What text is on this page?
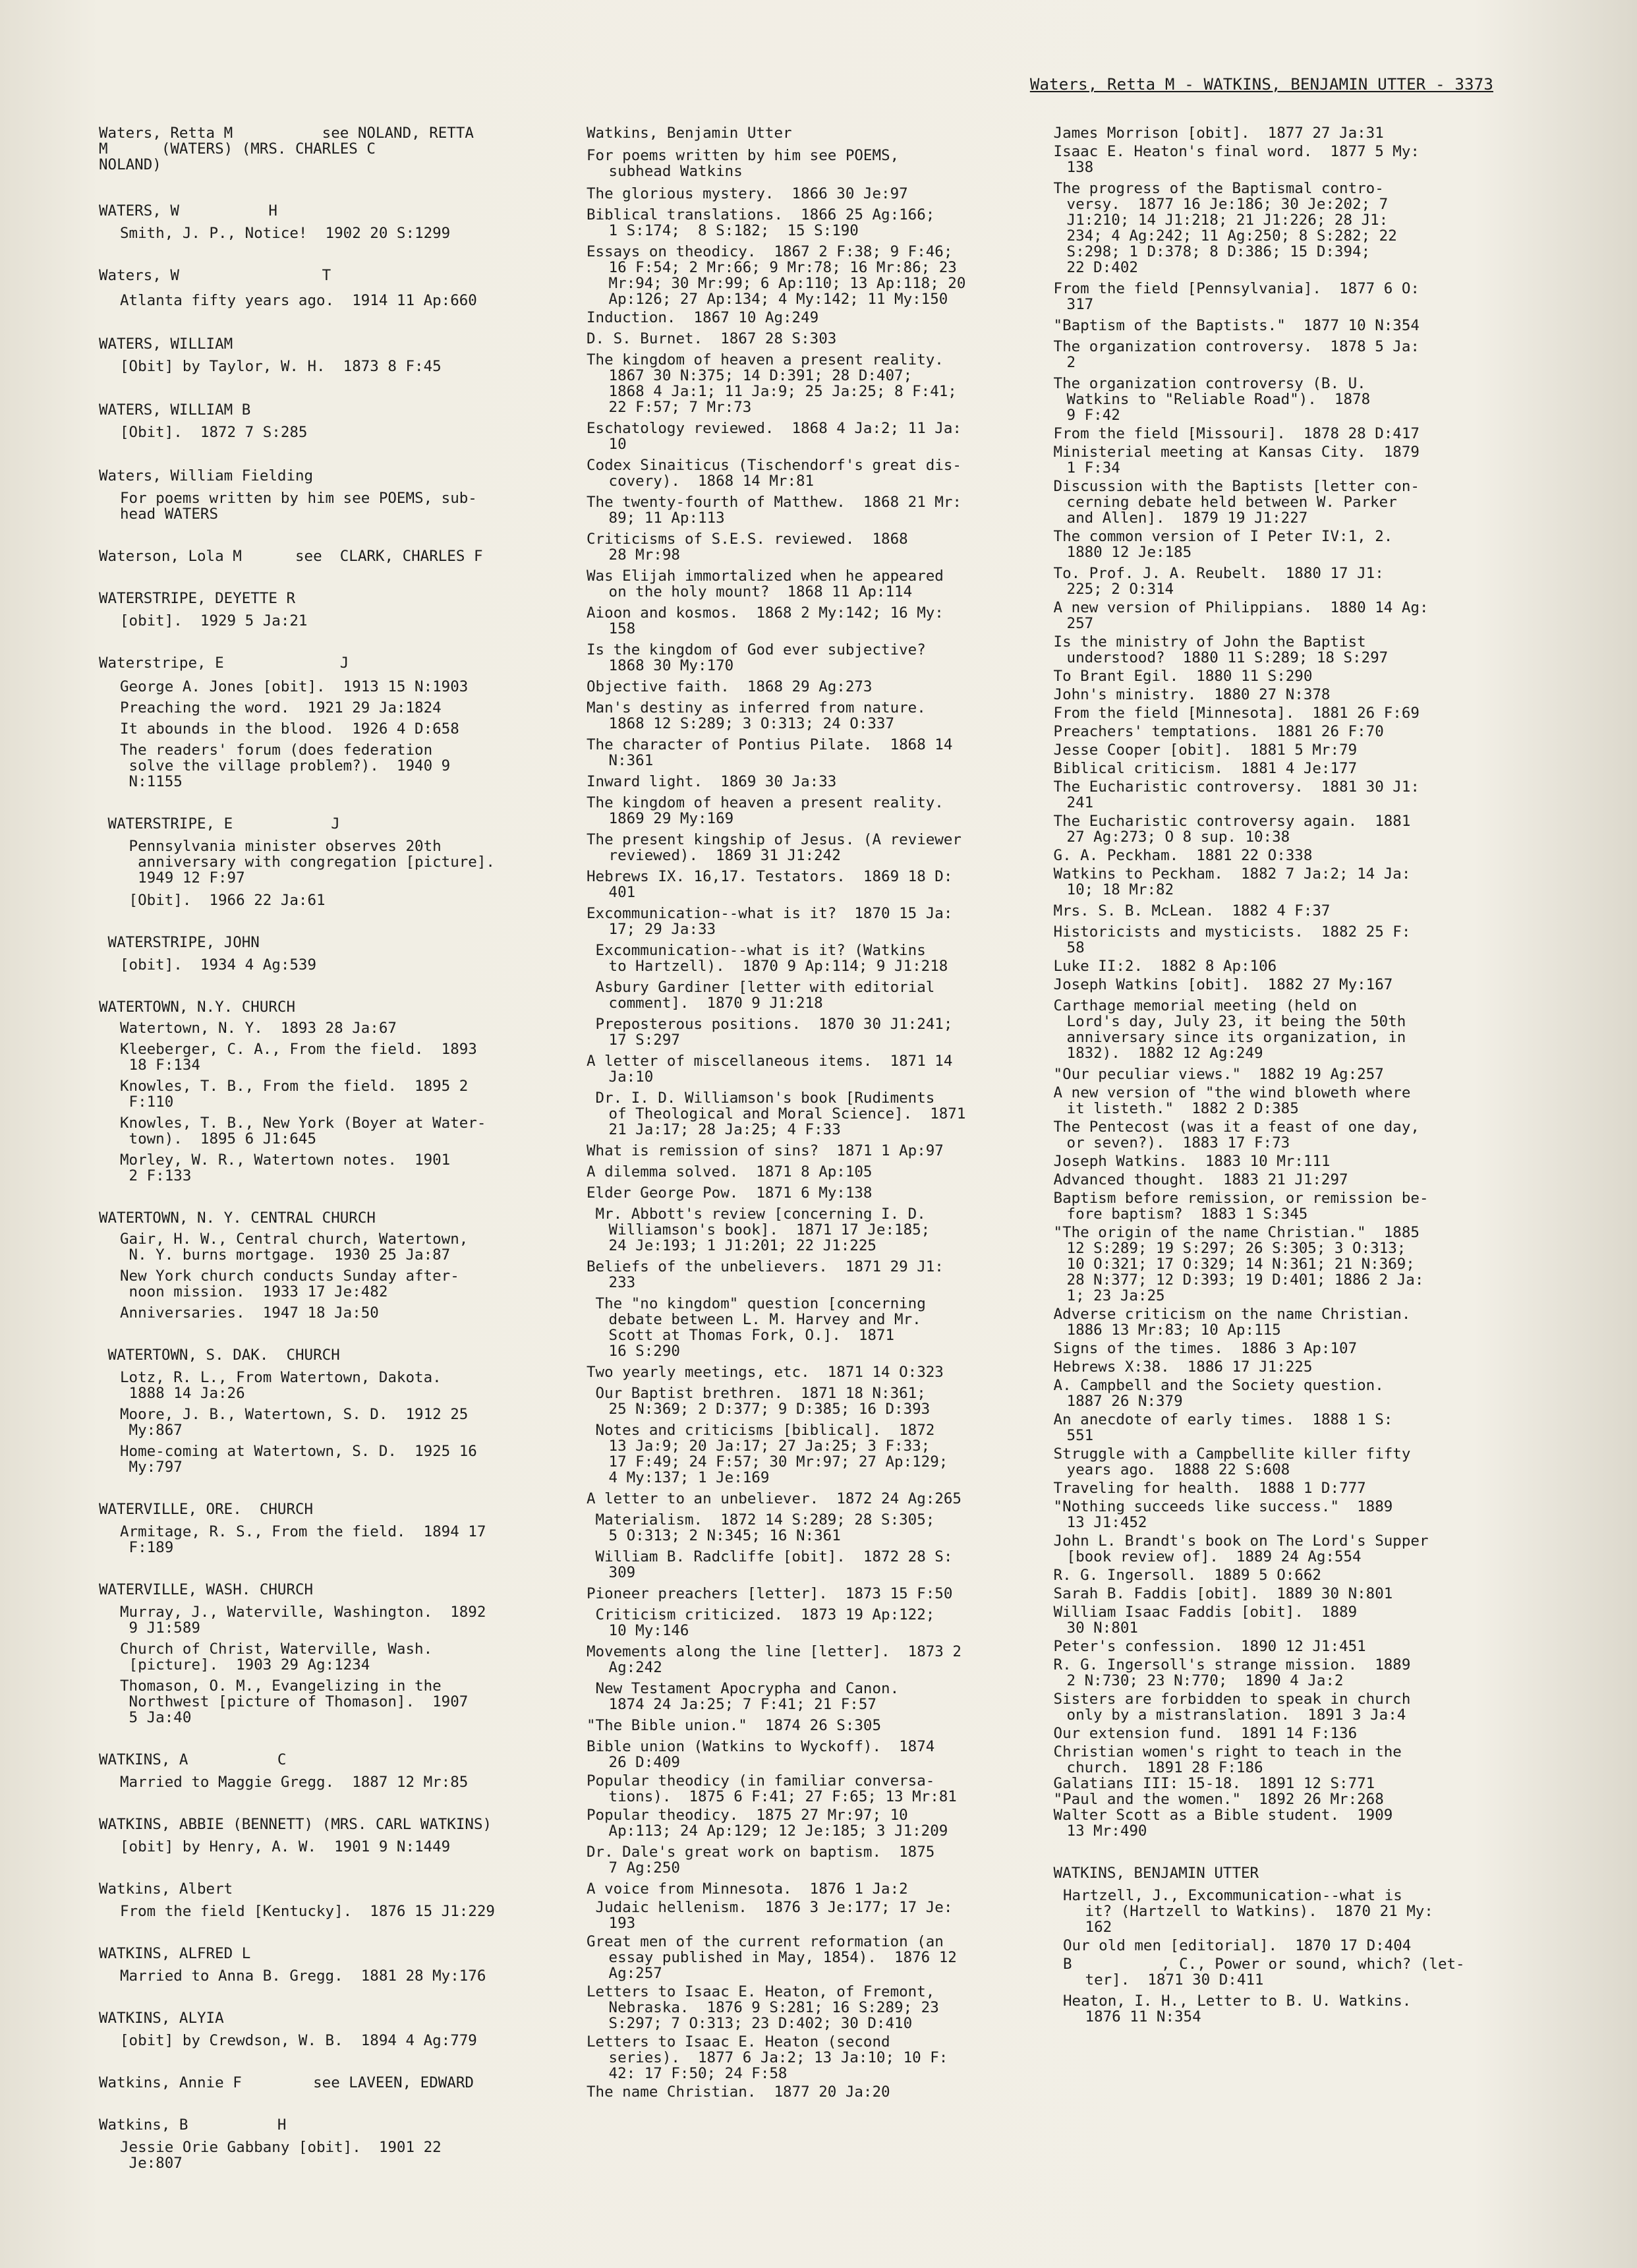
Waters, Retta M - WATKINS, BENJAMIN UTTER - 3373
Waters, Retta M          see NOLAND, RETTA
M      (WATERS) (MRS. CHARLES C
NOLAND)
WATERS, W          H
Smith, J. P., Notice!  1902 20 S:1299
Waters, W                T
Atlanta fifty years ago.  1914 11 Ap:660
WATERS, WILLIAM
[Obit] by Taylor, W. H.  1873 8 F:45
WATERS, WILLIAM B
[Obit].  1872 7 S:285
Waters, William Fielding
For poems written by him see POEMS, sub-
head WATERS
Waterson, Lola M      see  CLARK, CHARLES F
WATERSTRIPE, DEYETTE R
[obit].  1929 5 Ja:21
Waterstripe, E             J
George A. Jones [obit].  1913 15 N:1903
Preaching the word.  1921 29 Ja:1824
It abounds in the blood.  1926 4 D:658
The readers' forum (does federation
solve the village problem?).  1940 9
N:1155
WATERSTRIPE, E           J
Pennsylvania minister observes 20th
anniversary with congregation [picture].
1949 12 F:97
[Obit].  1966 22 Ja:61
WATERSTRIPE, JOHN
[obit].  1934 4 Ag:539
WATERTOWN, N.Y. CHURCH
Watertown, N. Y.  1893 28 Ja:67
Kleeberger, C. A., From the field.  1893
18 F:134
Knowles, T. B., From the field.  1895 2
F:110
Knowles, T. B., New York (Boyer at Water-
town).  1895 6 J1:645
Morley, W. R., Watertown notes.  1901
2 F:133
WATERTOWN, N. Y. CENTRAL CHURCH
Gair, H. W., Central church, Watertown,
N. Y. burns mortgage.  1930 25 Ja:87
New York church conducts Sunday after-
noon mission.  1933 17 Je:482
Anniversaries.  1947 18 Ja:50
WATERTOWN, S. DAK.  CHURCH
Lotz, R. L., From Watertown, Dakota.
1888 14 Ja:26
Moore, J. B., Watertown, S. D.  1912 25
My:867
Home-coming at Watertown, S. D.  1925 16
My:797
WATERVILLE, ORE.  CHURCH
Armitage, R. S., From the field.  1894 17
F:189
WATERVILLE, WASH. CHURCH
Murray, J., Waterville, Washington.  1892
9 J1:589
Church of Christ, Waterville, Wash.
[picture].  1903 29 Ag:1234
Thomason, O. M., Evangelizing in the
Northwest [picture of Thomason].  1907
5 Ja:40
WATKINS, A          C
Married to Maggie Gregg.  1887 12 Mr:85
WATKINS, ABBIE (BENNETT) (MRS. CARL WATKINS)
[obit] by Henry, A. W.  1901 9 N:1449
Watkins, Albert
From the field [Kentucky].  1876 15 J1:229
WATKINS, ALFRED L
Married to Anna B. Gregg.  1881 28 My:176
WATKINS, ALYIA
[obit] by Crewdson, W. B.  1894 4 Ag:779
Watkins, Annie F        see LAVEEN, EDWARD
Watkins, B          H
Jessie Orie Gabbany [obit].  1901 22
Je:807
Watkins, Benjamin Utter
For poems written by him see POEMS,
subhead Watkins
The glorious mystery.  1866 30 Je:97
Biblical translations.  1866 25 Ag:166;
1 S:174;  8 S:182;  15 S:190
Essays on theodicy.  1867 2 F:38; 9 F:46;
16 F:54; 2 Mr:66; 9 Mr:78; 16 Mr:86; 23
Mr:94; 30 Mr:99; 6 Ap:110; 13 Ap:118; 20
Ap:126; 27 Ap:134; 4 My:142; 11 My:150
Induction.  1867 10 Ag:249
D. S. Burnet.  1867 28 S:303
The kingdom of heaven a present reality.
1867 30 N:375; 14 D:391; 28 D:407;
1868 4 Ja:1; 11 Ja:9; 25 Ja:25; 8 F:41;
22 F:57; 7 Mr:73
Eschatology reviewed.  1868 4 Ja:2; 11 Ja:
10
Codex Sinaiticus (Tischendorf's great dis-
covery).  1868 14 Mr:81
The twenty-fourth of Matthew.  1868 21 Mr:
89; 11 Ap:113
Criticisms of S.E.S. reviewed.  1868
28 Mr:98
Was Elijah immortalized when he appeared
on the holy mount?  1868 11 Ap:114
Aioon and kosmos.  1868 2 My:142; 16 My:
158
Is the kingdom of God ever subjective?
1868 30 My:170
Objective faith.  1868 29 Ag:273
Man's destiny as inferred from nature.
1868 12 S:289; 3 O:313; 24 O:337
The character of Pontius Pilate.  1868 14
N:361
Inward light.  1869 30 Ja:33
The kingdom of heaven a present reality.
1869 29 My:169
The present kingship of Jesus. (A reviewer
reviewed).  1869 31 J1:242
Hebrews IX. 16,17. Testators.  1869 18 D:
401
Excommunication--what is it?  1870 15 Ja:
17; 29 Ja:33
Excommunication--what is it? (Watkins
to Hartzell).  1870 9 Ap:114; 9 J1:218
Asbury Gardiner [letter with editorial
comment].  1870 9 J1:218
Preposterous positions.  1870 30 J1:241;
17 S:297
A letter of miscellaneous items.  1871 14
Ja:10
Dr. I. D. Williamson's book [Rudiments
of Theological and Moral Science].  1871
21 Ja:17; 28 Ja:25; 4 F:33
What is remission of sins?  1871 1 Ap:97
A dilemma solved.  1871 8 Ap:105
Elder George Pow.  1871 6 My:138
Mr. Abbott's review [concerning I. D.
Williamson's book].  1871 17 Je:185;
24 Je:193; 1 J1:201; 22 J1:225
Beliefs of the unbelievers.  1871 29 J1:
233
The "no kingdom" question [concerning
debate between L. M. Harvey and Mr.
Scott at Thomas Fork, O.].  1871
16 S:290
Two yearly meetings, etc.  1871 14 O:323
Our Baptist brethren.  1871 18 N:361;
25 N:369; 2 D:377; 9 D:385; 16 D:393
Notes and criticisms [biblical].  1872
13 Ja:9; 20 Ja:17; 27 Ja:25; 3 F:33;
17 F:49; 24 F:57; 30 Mr:97; 27 Ap:129;
4 My:137; 1 Je:169
A letter to an unbeliever.  1872 24 Ag:265
Materialism.  1872 14 S:289; 28 S:305;
5 O:313; 2 N:345; 16 N:361
William B. Radcliffe [obit].  1872 28 S:
309
Pioneer preachers [letter].  1873 15 F:50
Criticism criticized.  1873 19 Ap:122;
10 My:146
Movements along the line [letter].  1873 2
Ag:242
New Testament Apocrypha and Canon.
1874 24 Ja:25; 7 F:41; 21 F:57
"The Bible union."  1874 26 S:305
Bible union (Watkins to Wyckoff).  1874
26 D:409
Popular theodicy (in familiar conversa-
tions).  1875 6 F:41; 27 F:65; 13 Mr:81
Popular theodicy.  1875 27 Mr:97; 10
Ap:113; 24 Ap:129; 12 Je:185; 3 J1:209
Dr. Dale's great work on baptism.  1875
7 Ag:250
A voice from Minnesota.  1876 1 Ja:2
Judaic hellenism.  1876 3 Je:177; 17 Je:
193
Great men of the current reformation (an
essay published in May, 1854).  1876 12
Ag:257
Letters to Isaac E. Heaton, of Fremont,
Nebraska.  1876 9 S:281; 16 S:289; 23
S:297; 7 O:313; 23 D:402; 30 D:410
Letters to Isaac E. Heaton (second
series).  1877 6 Ja:2; 13 Ja:10; 10 F:
42: 17 F:50; 24 F:58
The name Christian.  1877 20 Ja:20
James Morrison [obit].  1877 27 Ja:31
Isaac E. Heaton's final word.  1877 5 My:
138
The progress of the Baptismal contro-
versy.  1877 16 Je:186; 30 Je:202; 7
J1:210; 14 J1:218; 21 J1:226; 28 J1:
234; 4 Ag:242; 11 Ag:250; 8 S:282; 22
S:298; 1 D:378; 8 D:386; 15 D:394;
22 D:402
From the field [Pennsylvania].  1877 6 O:
317
"Baptism of the Baptists."  1877 10 N:354
The organization controversy.  1878 5 Ja:
2
The organization controversy (B. U.
Watkins to "Reliable Road").  1878
9 F:42
From the field [Missouri].  1878 28 D:417
Ministerial meeting at Kansas City.  1879
1 F:34
Discussion with the Baptists [letter con-
cerning debate held between W. Parker
and Allen].  1879 19 J1:227
The common version of I Peter IV:1, 2.
1880 12 Je:185
To. Prof. J. A. Reubelt.  1880 17 J1:
225; 2 O:314
A new version of Philippians.  1880 14 Ag:
257
Is the ministry of John the Baptist
understood?  1880 11 S:289; 18 S:297
To Brant Egil.  1880 11 S:290
John's ministry.  1880 27 N:378
From the field [Minnesota].  1881 26 F:69
Preachers' temptations.  1881 26 F:70
Jesse Cooper [obit].  1881 5 Mr:79
Biblical criticism.  1881 4 Je:177
The Eucharistic controversy.  1881 30 J1:
241
The Eucharistic controversy again.  1881
27 Ag:273; O 8 sup. 10:38
G. A. Peckham.  1881 22 O:338
Watkins to Peckham.  1882 7 Ja:2; 14 Ja:
10; 18 Mr:82
Mrs. S. B. McLean.  1882 4 F:37
Historicists and mysticists.  1882 25 F:
58
Luke II:2.  1882 8 Ap:106
Joseph Watkins [obit].  1882 27 My:167
Carthage memorial meeting (held on
Lord's day, July 23, it being the 50th
anniversary since its organization, in
1832).  1882 12 Ag:249
"Our peculiar views."  1882 19 Ag:257
A new version of "the wind bloweth where
it listeth."  1882 2 D:385
The Pentecost (was it a feast of one day,
or seven?).  1883 17 F:73
Joseph Watkins.  1883 10 Mr:111
Advanced thought.  1883 21 J1:297
Baptism before remission, or remission be-
fore baptism?  1883 1 S:345
"The origin of the name Christian."  1885
12 S:289; 19 S:297; 26 S:305; 3 O:313;
10 O:321; 17 O:329; 14 N:361; 21 N:369;
28 N:377; 12 D:393; 19 D:401; 1886 2 Ja:
1; 23 Ja:25
Adverse criticism on the name Christian.
1886 13 Mr:83; 10 Ap:115
Signs of the times.  1886 3 Ap:107
Hebrews X:38.  1886 17 J1:225
A. Campbell and the Society question.
1887 26 N:379
An anecdote of early times.  1888 1 S:
551
Struggle with a Campbellite killer fifty
years ago.  1888 22 S:608
Traveling for health.  1888 1 D:777
"Nothing succeeds like success."  1889
13 J1:452
John L. Brandt's book on The Lord's Supper
[book review of].  1889 24 Ag:554
R. G. Ingersoll.  1889 5 O:662
Sarah B. Faddis [obit].  1889 30 N:801
William Isaac Faddis [obit].  1889
30 N:801
Peter's confession.  1890 12 J1:451
R. G. Ingersoll's strange mission.  1889
2 N:730; 23 N:770;  1890 4 Ja:2
Sisters are forbidden to speak in church
only by a mistranslation.  1891 3 Ja:4
Our extension fund.  1891 14 F:136
Christian women's right to teach in the
church.  1891 28 F:186
Galatians III: 15-18.  1891 12 S:771
"Paul and the women."  1892 26 Mr:268
Walter Scott as a Bible student.  1909
13 Mr:490
WATKINS, BENJAMIN UTTER
Hartzell, J., Excommunication--what is
it? (Hartzell to Watkins).  1870 21 My:
162
Our old men [editorial].  1870 17 D:404
B          , C., Power or sound, which? (let-
ter].  1871 30 D:411
Heaton, I. H., Letter to B. U. Watkins.
1876 11 N:354
